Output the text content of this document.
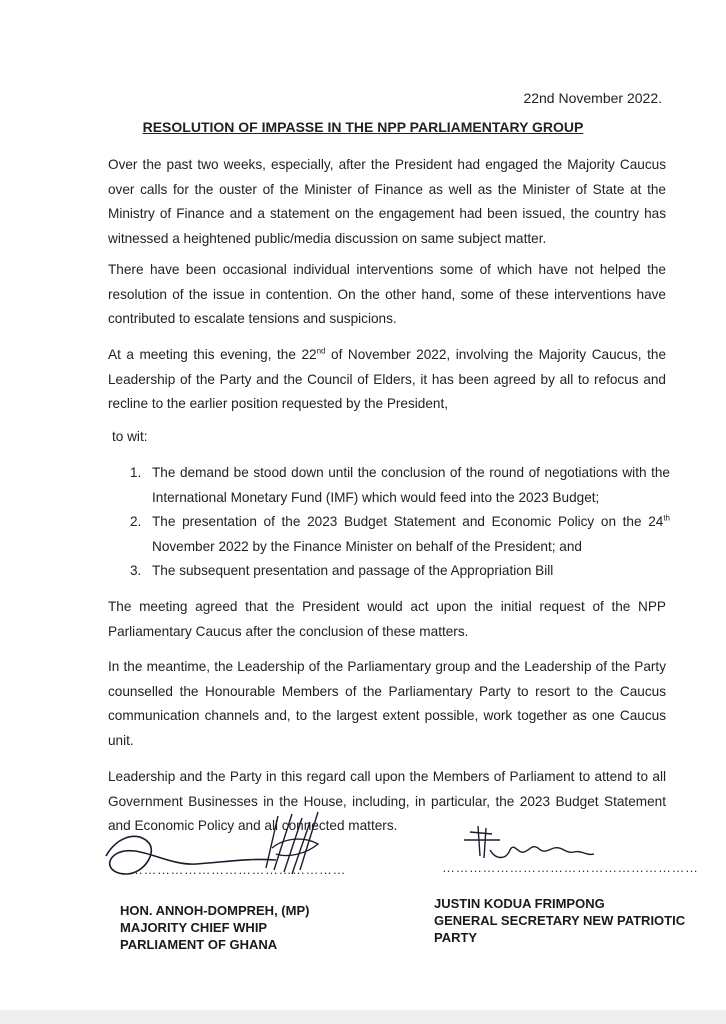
22nd November 2022.
RESOLUTION OF IMPASSE IN THE NPP PARLIAMENTARY GROUP

Over the past two weeks, especially, after the President had engaged the Majority Caucus over calls for the ouster of the Minister of Finance as well as the Minister of State at the Ministry of Finance and a statement on the engagement had been issued, the country has witnessed a heightened public/media discussion on same subject matter.

There have been occasional individual interventions some of which have not helped the resolution of the issue in contention. On the other hand, some of these interventions have contributed to escalate tensions and suspicions.

At a meeting this evening, the 22nd of November 2022, involving the Majority Caucus, the Leadership of the Party and the Council of Elders, it has been agreed by all to refocus and recline to the earlier position requested by the President,

to wit:
1. The demand be stood down until the conclusion of the round of negotiations with the International Monetary Fund (IMF) which would feed into the 2023 Budget;
2. The presentation of the 2023 Budget Statement and Economic Policy on the 24th November 2022 by the Finance Minister on behalf of the President; and
3. The subsequent presentation and passage of the Appropriation Bill

The meeting agreed that the President would act upon the initial request of the NPP Parliamentary Caucus after the conclusion of these matters.

In the meantime, the Leadership of the Parliamentary group and the Leadership of the Party counselled the Honourable Members of the Parliamentary Party to resort to the Caucus communication channels and, to the largest extent possible, work together as one Caucus unit.

Leadership and the Party in this regard call upon the Members of Parliament to attend to all Government Businesses in the House, including, in particular, the 2023 Budget Statement and Economic Policy and all connected matters.

…………………………………………	…………………………………………………
HON. ANNOH-DOMPREH, (MP)
MAJORITY CHIEF WHIP
PARLIAMENT OF GHANA
JUSTIN KODUA FRIMPONG
GENERAL SECRETARY NEW PATRIOTIC
PARTY
